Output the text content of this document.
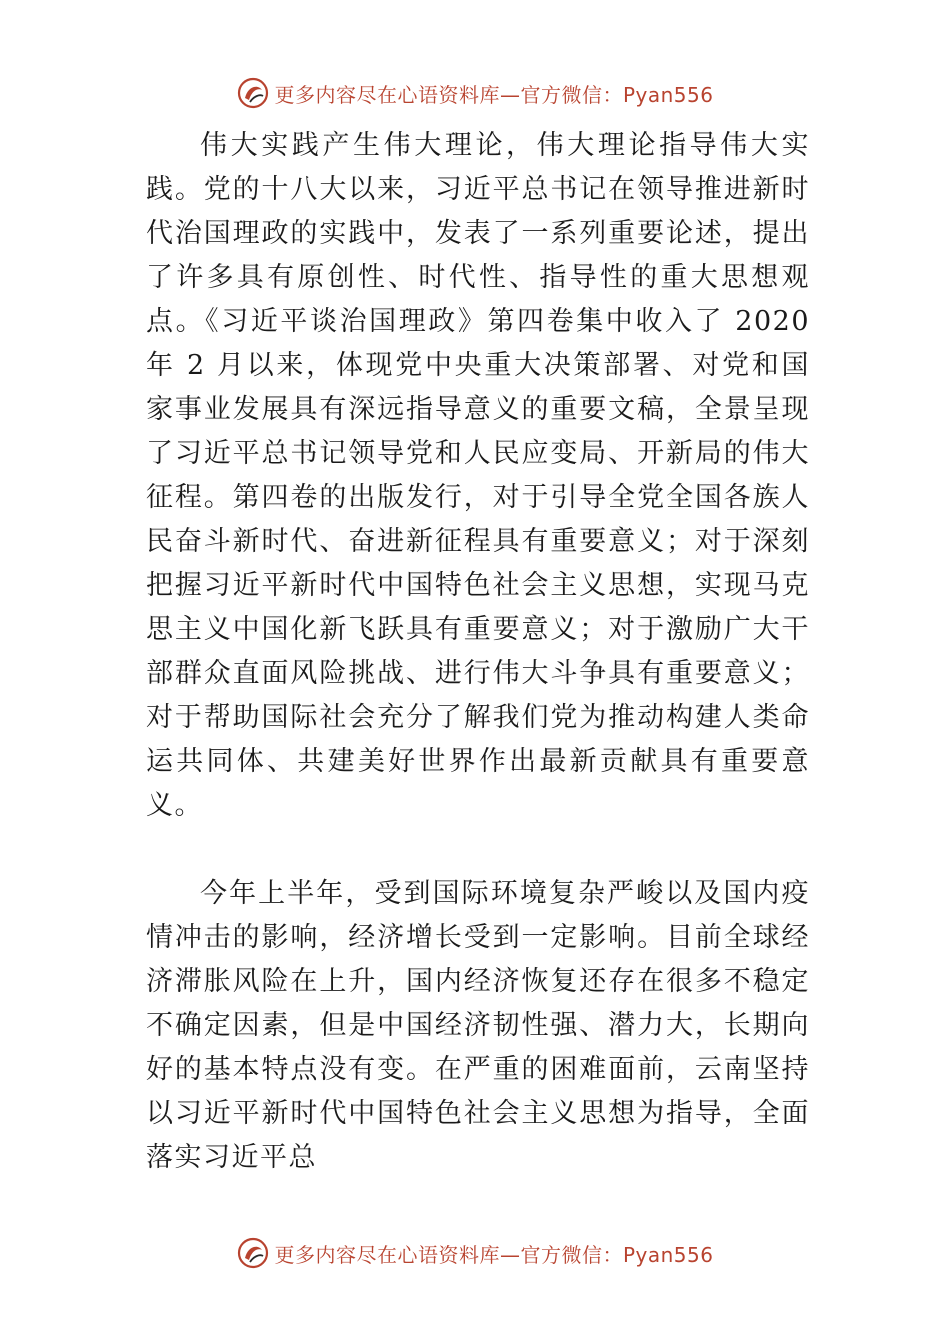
更多内容尽在心语资料库—官方微信：Pyan556

伟大实践产生伟大理论，伟大理论指导伟大实践。党的十八大以来，习近平总书记在领导推进新时代治国理政的实践中，发表了一系列重要论述，提出了许多具有原创性、时代性、指导性的重大思想观点。《习近平谈治国理政》第四卷集中收入了 2020 年 2 月以来，体现党中央重大决策部署、对党和国家事业发展具有深远指导意义的重要文稿，全景呈现了习近平总书记领导党和人民应变局、开新局的伟大征程。第四卷的出版发行，对于引导全党全国各族人民奋斗新时代、奋进新征程具有重要意义；对于深刻把握习近平新时代中国特色社会主义思想，实现马克思主义中国化新飞跃具有重要意义；对于激励广大干部群众直面风险挑战、进行伟大斗争具有重要意义；对于帮助国际社会充分了解我们党为推动构建人类命运共同体、共建美好世界作出最新贡献具有重要意义。

今年上半年，受到国际环境复杂严峻以及国内疫情冲击的影响，经济增长受到一定影响。目前全球经济滞胀风险在上升，国内经济恢复还存在很多不稳定不确定因素，但是中国经济韧性强、潜力大，长期向好的基本特点没有变。在严重的困难面前，云南坚持以习近平新时代中国特色社会主义思想为指导，全面落实习近平总

更多内容尽在心语资料库—官方微信：Pyan556
